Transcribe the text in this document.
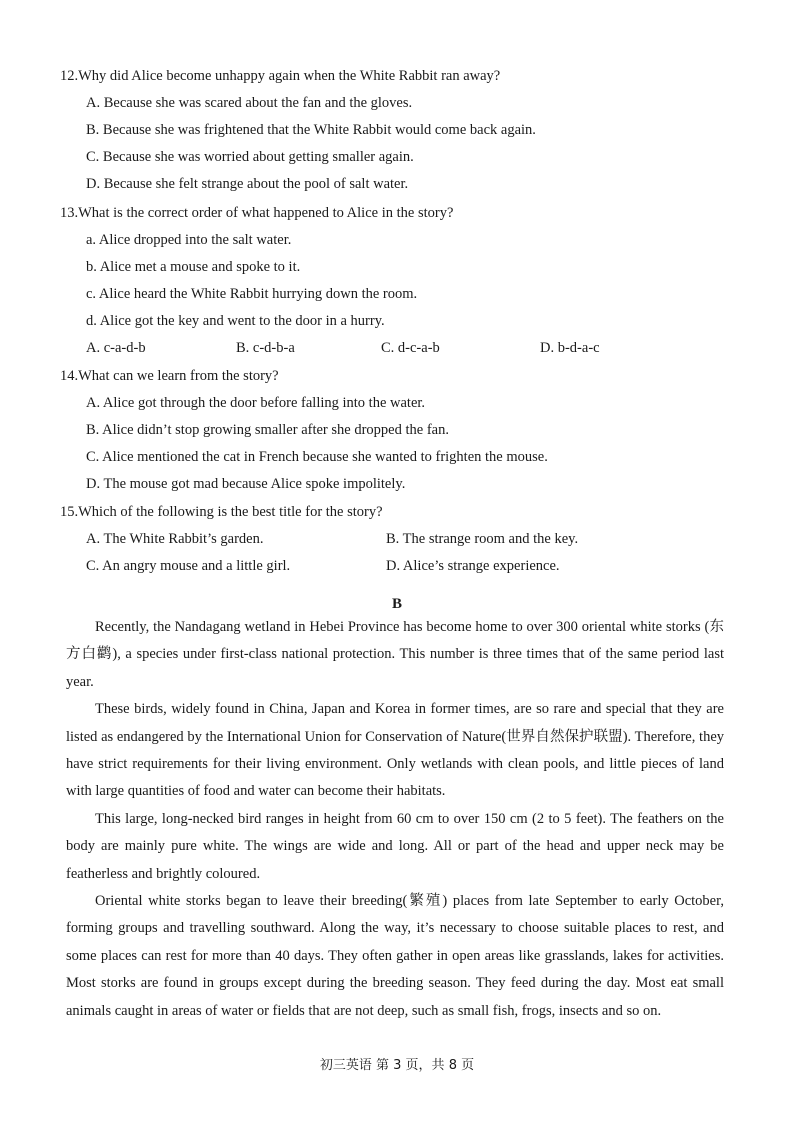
12.Why did Alice become unhappy again when the White Rabbit ran away?
A. Because she was scared about the fan and the gloves.
B. Because she was frightened that the White Rabbit would come back again.
C. Because she was worried about getting smaller again.
D. Because she felt strange about the pool of salt water.
13.What is the correct order of what happened to Alice in the story?
a. Alice dropped into the salt water.
b. Alice met a mouse and spoke to it.
c. Alice heard the White Rabbit hurrying down the room.
d. Alice got the key and went to the door in a hurry.
A. c-a-d-b	B. c-d-b-a	C. d-c-a-b	D. b-d-a-c
14.What can we learn from the story?
A. Alice got through the door before falling into the water.
B. Alice didn’t stop growing smaller after she dropped the fan.
C. Alice mentioned the cat in French because she wanted to frighten the mouse.
D. The mouse got mad because Alice spoke impolitely.
15.Which of the following is the best title for the story?
A. The White Rabbit’s garden.	B. The strange room and the key.
C. An angry mouse and a little girl.	D. Alice’s strange experience.
B

Recently, the Nandagang wetland in Hebei Province has become home to over 300 oriental white storks (东方白鹳), a species under first-class national protection. This number is three times that of the same period last year.

These birds, widely found in China, Japan and Korea in former times, are so rare and special that they are listed as endangered by the International Union for Conservation of Nature(世界自然保护联盟). Therefore, they have strict requirements for their living environment. Only wetlands with clean pools, and little pieces of land with large quantities of food and water can become their habitats.

This large, long-necked bird ranges in height from 60 cm to over 150 cm (2 to 5 feet). The feathers on the body are mainly pure white. The wings are wide and long. All or part of the head and upper neck may be featherless and brightly coloured.

Oriental white storks began to leave their breeding(繁殖) places from late September to early October, forming groups and travelling southward. Along the way, it’s necessary to choose suitable places to rest, and some places can rest for more than 40 days. They often gather in open areas like grasslands, lakes for activities. Most storks are found in groups except during the breeding season. They feed during the day. Most eat small animals caught in areas of water or fields that are not deep, such as small fish, frogs, insects and so on.

初三英语 第 3 页，共 8 页
